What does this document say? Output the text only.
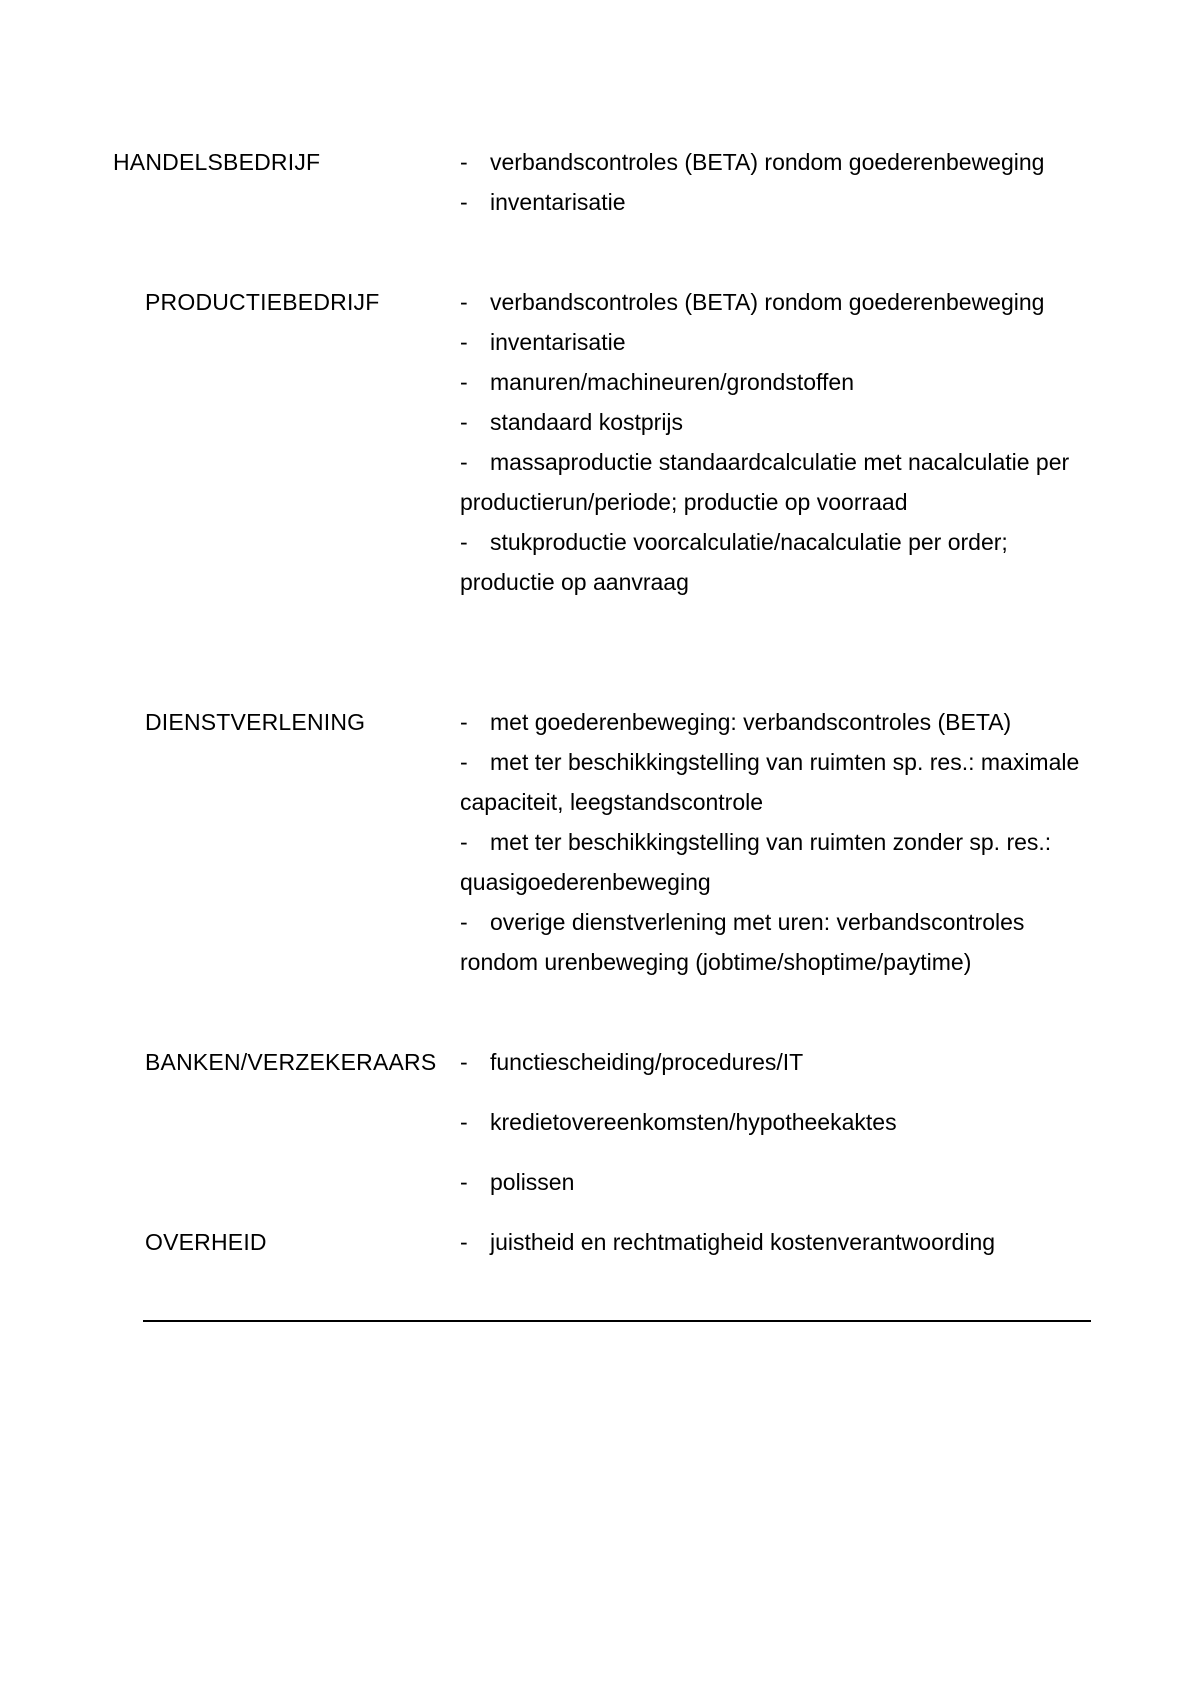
HANDELSBEDRIJF	- verbandscontroles (BETA) rondom goederenbeweging
- inventarisatie
PRODUCTIEBEDRIJF	- verbandscontroles (BETA) rondom goederenbeweging
- inventarisatie
- manuren/machineuren/grondstoffen
- standaard kostprijs
- massaproductie standaardcalculatie met nacalculatie per productierun/periode; productie op voorraad
- stukproductie voorcalculatie/nacalculatie per order; productie op aanvraag
DIENSTVERLENING	- met goederenbeweging: verbandscontroles (BETA)
- met ter beschikkingstelling van ruimten sp. res.: maximale capaciteit, leegstandscontrole
- met ter beschikkingstelling van ruimten zonder sp. res.: quasigoederenbeweging
- overige dienstverlening met uren: verbandscontroles rondom urenbeweging (jobtime/shoptime/paytime)
BANKEN/VERZEKERAARS - functiescheiding/procedures/IT
- kredietovereenkomsten/hypotheekaktes
- polissen
OVERHEID	- juistheid en rechtmatigheid kostenverantwoording
